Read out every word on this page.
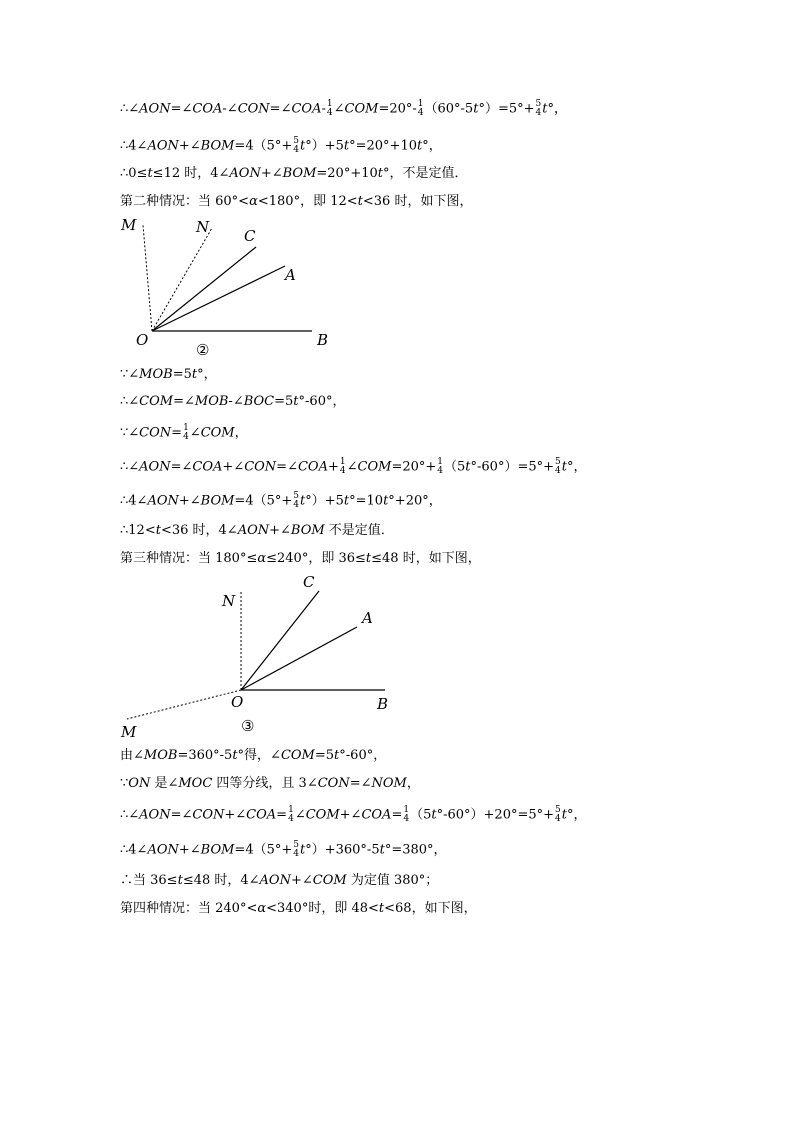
∴∠AON=∠COA-∠CON=∠COA- 1
4 ∠COM=20°- 1
4 （60°-5t°）=5°+ 5
4 t°，
∴4∠AON+∠BOM=4（5°+ 5
4 t°）+5t°=20°+10t°，
∴0≤t≤12 时，4∠AON+∠BOM=20°+10t°，不是定值．
第二种情况：当 60°<α<180°，即 12<t<36 时，如下图，
M	N C
A
O	B
②
∵∠MOB=5t°，
∴∠COM=∠MOB-∠BOC=5t°-60°，
∵∠CON= 1
4 ∠COM，
∴∠AON=∠COA+∠CON=∠COA+ 1
4 ∠COM=20°+ 1
4 （5t°-60°）=5°+ 5
4 t°，
∴4∠AON+∠BOM=4（5°+ 5
4 t°）+5t°=10t°+20°，
∴12<t<36 时，4∠AON+∠BOM 不是定值．
第三种情况：当 180°≤α≤240°，即 36≤t≤48 时，如下图，
N
C
A
O	B
M	③
由∠MOB=360°-5t°得，∠COM=5t°-60°，
∵ON 是∠MOC 四等分线，且 3∠CON=∠NOM，
∴∠AON=∠CON+∠COA= 1
4 ∠COM+∠COA= 1
4 （5t°-60°）+20°=5°+ 5
4 t°，
∴4∠AON+∠BOM=4（5°+ 5
4 t°）+360°-5t°=380°，
∴当 36≤t≤48 时，4∠AON+∠COM 为定值 380°；
第四种情况：当 240°<α<340°时，即 48<t<68，如下图，
